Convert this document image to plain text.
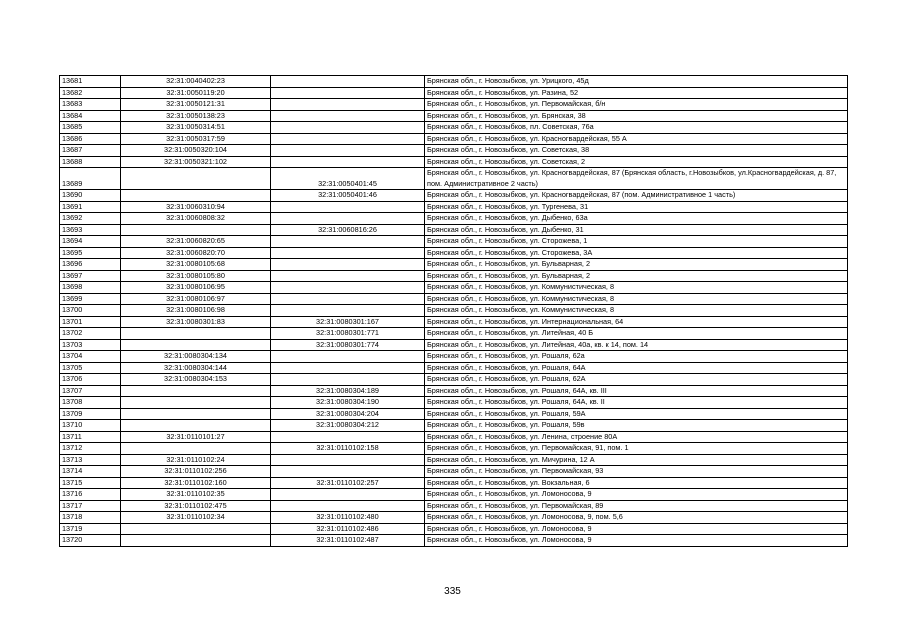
13681	32:31:0040402:23		Брянская обл., г. Новозыбков, ул. Урицкого, 45д
13682	32:31:0050119:20		Брянская обл., г. Новозыбков, ул. Разина, 52
13683	32:31:0050121:31		Брянская обл., г. Новозыбков, ул. Первомайская, б/н
13684	32:31:0050138:23		Брянская обл., г. Новозыбков, ул. Брянская, 38
13685	32:31:0050314:51		Брянская обл., г. Новозыбков, пл. Советская, 76а
13686	32:31:0050317:59		Брянская обл., г. Новозыбков, ул. Красногвардейская, 55 А
13687	32:31:0050320:104		Брянская обл., г. Новозыбков, ул. Советская, 38
13688	32:31:0050321:102		Брянская обл., г. Новозыбков, ул. Советская, 2
13689		32:31:0050401:45	Брянская обл., г. Новозыбков, ул. Красногвардейская, 87 (Брянская область, г.Новозыбков, ул.Красногвардейская, д. 87, пом. Административное 2 часть)
13690		32:31:0050401:46	Брянская обл., г. Новозыбков, ул. Красногвардейская, 87 (пом. Административное 1 часть)
13691	32:31:0060310:94		Брянская обл., г. Новозыбков, ул. Тургенева, 31
13692	32:31:0060808:32		Брянская обл., г. Новозыбков, ул. Дыбенко, 63а
13693		32:31:0060816:26	Брянская обл., г. Новозыбков, ул. Дыбенко, 31
13694	32:31:0060820:65		Брянская обл., г. Новозыбков, ул. Сторожева, 1
13695	32:31:0060820:70		Брянская обл., г. Новозыбков, ул. Сторожева, 3А
13696	32:31:0080105:68		Брянская обл., г. Новозыбков, ул. Бульварная, 2
13697	32:31:0080105:80		Брянская обл., г. Новозыбков, ул. Бульварная, 2
13698	32:31:0080106:95		Брянская обл., г. Новозыбков, ул. Коммунистическая, 8
13699	32:31:0080106:97		Брянская обл., г. Новозыбков, ул. Коммунистическая, 8
13700	32:31:0080106:98		Брянская обл., г. Новозыбков, ул. Коммунистическая, 8
13701	32:31:0080301:83	32:31:0080301:167	Брянская обл., г. Новозыбков, ул. Интернациональная, 64
13702		32:31:0080301:771	Брянская обл., г. Новозыбков, ул. Литейная, 40 Б
13703		32:31:0080301:774	Брянская обл., г. Новозыбков, ул. Литейная, 40а, кв. к 14, пом. 14
13704	32:31:0080304:134		Брянская обл., г. Новозыбков, ул. Рошаля, 62а
13705	32:31:0080304:144		Брянская обл., г. Новозыбков, ул. Рошаля, 64А
13706	32:31:0080304:153		Брянская обл., г. Новозыбков, ул. Рошаля, 62А
13707		32:31:0080304:189	Брянская обл., г. Новозыбков, ул. Рошаля, 64А, кв. III
13708		32:31:0080304:190	Брянская обл., г. Новозыбков, ул. Рошаля, 64А, кв. II
13709		32:31:0080304:204	Брянская обл., г. Новозыбков, ул. Рошаля, 59А
13710		32:31:0080304:212	Брянская обл., г. Новозыбков, ул. Рошаля, 59в
13711	32:31:0110101:27		Брянская обл., г. Новозыбков, ул. Ленина, строение 80А
13712		32:31:0110102:158	Брянская обл., г. Новозыбков, ул. Первомайская, 91, пом. 1
13713	32:31:0110102:24		Брянская обл., г. Новозыбков, ул. Мичурина, 12 А
13714	32:31:0110102:256		Брянская обл., г. Новозыбков, ул. Первомайская, 93
13715	32:31:0110102:160	32:31:0110102:257	Брянская обл., г. Новозыбков, ул. Вокзальная, 6
13716	32:31:0110102:35		Брянская обл., г. Новозыбков, ул. Ломоносова, 9
13717	32:31:0110102:475		Брянская обл., г. Новозыбков, ул. Первомайская, 89
13718	32:31:0110102:34	32:31:0110102:480	Брянская обл., г. Новозыбков, ул. Ломоносова, 9, пом. 5,6
13719		32:31:0110102:486	Брянская обл., г. Новозыбков, ул. Ломоносова, 9
13720		32:31:0110102:487	Брянская обл., г. Новозыбков, ул. Ломоносова, 9
335
